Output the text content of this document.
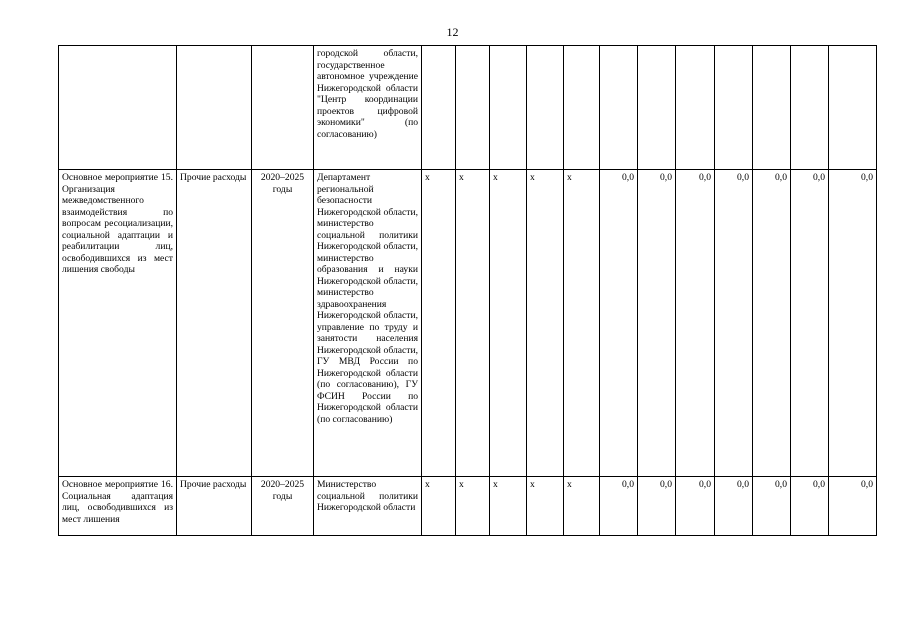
12
			городской области, государственное автономное учреждение Нижегородской области "Центр координации проектов цифровой экономики" (по согласованию)												
Основное мероприятие 15. Организация межведомственного взаимодействия по вопросам ресоциализации, социальной адаптации и реабилитации лиц, освободившихся из мест лишения свободы	Прочие расходы	2020–2025 годы	Департамент региональной безопасности Нижегородской области, министерство социальной политики Нижегородской области, министерство образования и науки Нижегородской области, министерство здравоохранения Нижегородской области, управление по труду и занятости населения Нижегородской области, ГУ МВД России по Нижегородской области (по согласованию), ГУ ФСИН России по Нижегородской области (по согласованию)	x	x	x	x	x	0,0	0,0	0,0	0,0	0,0	0,0	0,0
Основное мероприятие 16. Социальная адаптация лиц, освободившихся из мест лишения	Прочие расходы	2020–2025 годы	Министерство социальной политики Нижегородской области	x	x	x	x	x	0,0	0,0	0,0	0,0	0,0	0,0	0,0
